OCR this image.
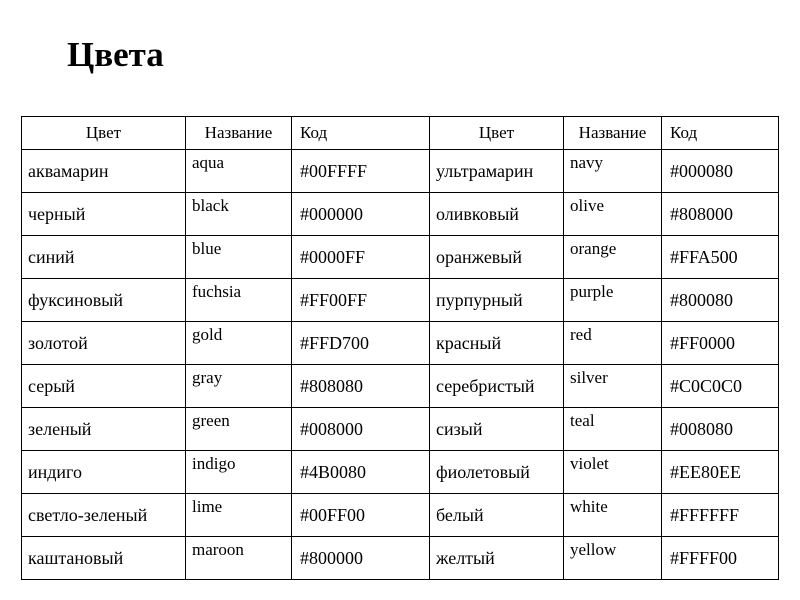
Цвета
Цвет	Название	Код	Цвет	Название	Код
аквамарин	aqua	#00FFFF	ультрамарин	navy	#000080
черный	black	#000000	оливковый	olive	#808000
синий	blue	#0000FF	оранжевый	orange	#FFA500
фуксиновый	fuchsia	#FF00FF	пурпурный	purple	#800080
золотой	gold	#FFD700	красный	red	#FF0000
серый	gray	#808080	серебристый	silver	#C0C0C0
зеленый	green	#008000	сизый	teal	#008080
индиго	indigo	#4B0080	фиолетовый	violet	#EE80EE
светло-зеленый	lime	#00FF00	белый	white	#FFFFFF
каштановый	maroon	#800000	желтый	yellow	#FFFF00
